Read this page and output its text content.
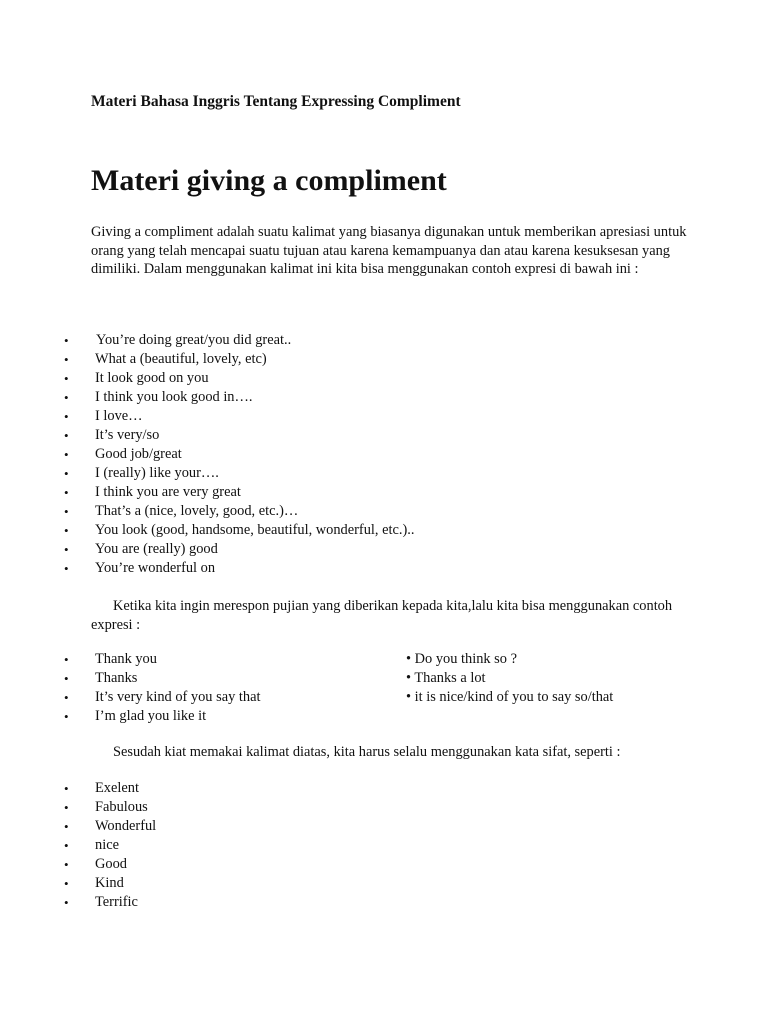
Materi Bahasa Inggris Tentang Expressing Compliment

Materi giving a compliment

Giving a compliment adalah suatu kalimat yang biasanya digunakan untuk memberikan apresiasi untuk orang yang telah mencapai suatu tujuan atau karena kemampuanya dan atau karena kesuksesan yang dimiliki. Dalam menggunakan kalimat ini kita bisa menggunakan contoh expresi di bawah ini :

• You’re doing great/you did great..
• What a (beautiful, lovely, etc)
• It look good on you
• I think you look good in….
• I love…
• It’s very/so
• Good job/great
• I (really) like your….
• I think you are very great
• That’s a (nice, lovely, good, etc.)…
• You look (good, handsome, beautiful, wonderful, etc.)..
• You are (really) good
• You’re wonderful on

Ketika kita ingin merespon pujian yang diberikan kepada kita,lalu kita bisa menggunakan contoh expresi :

• Thank you
• Thanks
• It’s very kind of you say that
• I’m glad you like it
• Do you think so ?
• Thanks a lot
• it is nice/kind of you to say so/that

Sesudah kiat memakai kalimat diatas, kita harus selalu menggunakan kata sifat, seperti :

• Exelent
• Fabulous
• Wonderful
• nice
• Good
• Kind
• Terrific
